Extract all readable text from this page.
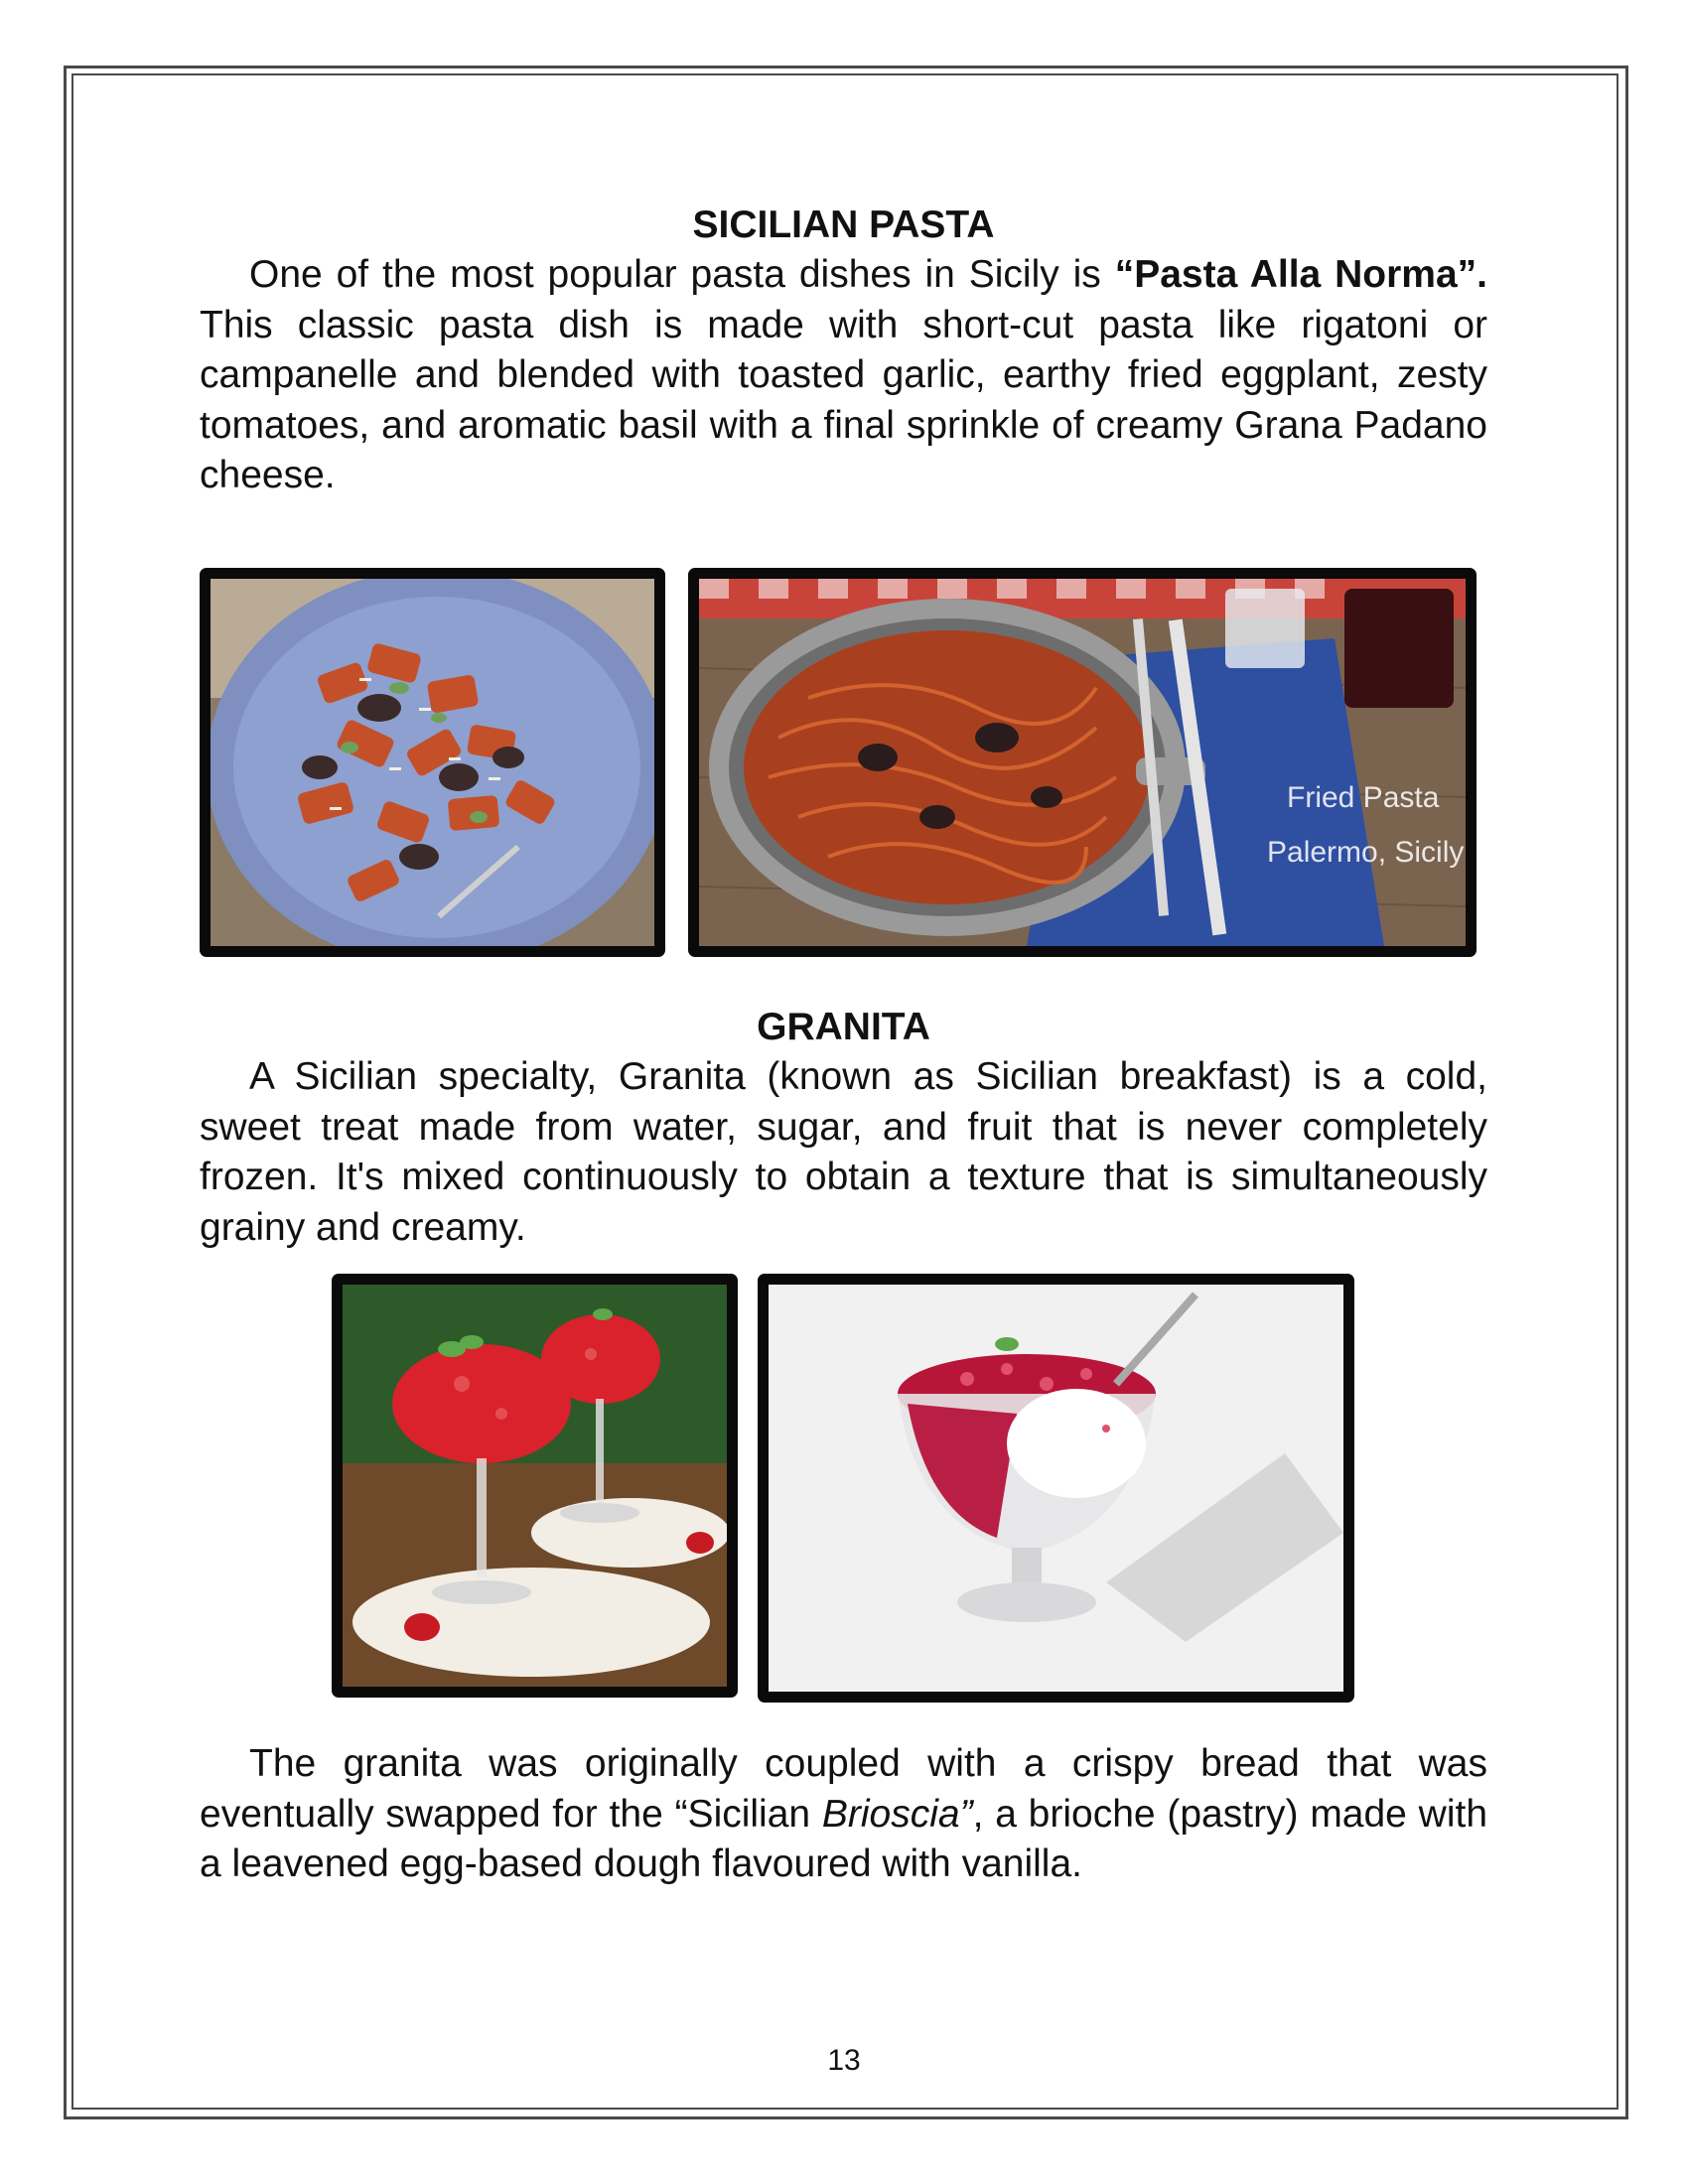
SICILIAN PASTA

One of the most popular pasta dishes in Sicily is “Pasta Alla Norma”. This classic pasta dish is made with short-cut pasta like rigatoni or campanelle and blended with toasted garlic, earthy fried eggplant, zesty tomatoes, and aromatic basil with a final sprinkle of creamy Grana Padano cheese.

Fried Pasta
Palermo, Sicily
GRANITA

A Sicilian specialty, Granita (known as Sicilian breakfast) is a cold, sweet treat made from water, sugar, and fruit that is never completely frozen. It's mixed continuously to obtain a texture that is simultaneously grainy and creamy.

The granita was originally coupled with a crispy bread that was eventually swapped for the “Sicilian Brioscia”, a brioche (pastry) made with a leavened egg-based dough flavoured with vanilla.

13
